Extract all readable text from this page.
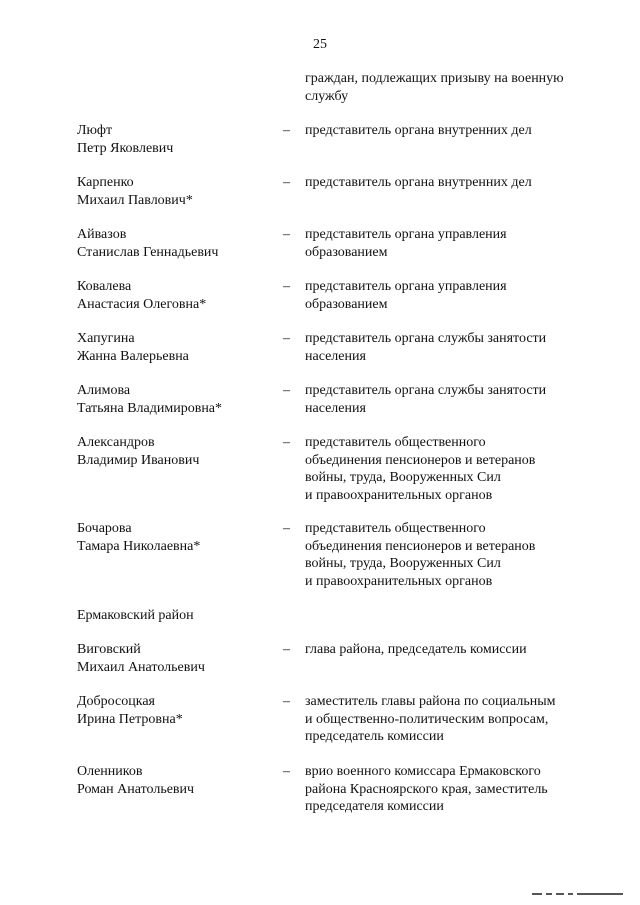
25
граждан, подлежащих призыву на военную
службу
Люфт
Петр Яковлевич
– представитель органа внутренних дел
Карпенко
Михаил Павлович*
– представитель органа внутренних дел
Айвазов
Станислав Геннадьевич
– представитель органа управления
образованием
Ковалева
Анастасия Олеговна*
– представитель органа управления
образованием
Хапугина
Жанна Валерьевна
– представитель органа службы занятости
населения
Алимова
Татьяна Владимировна*
– представитель органа службы занятости
населения
Александров
Владимир Иванович
– представитель общественного
объединения пенсионеров и ветеранов
войны, труда, Вооруженных Сил
и правоохранительных органов
Бочарова
Тамара Николаевна*
– представитель общественного
объединения пенсионеров и ветеранов
войны, труда, Вооруженных Сил
и правоохранительных органов
Ермаковский район
Виговский
Михаил Анатольевич
– глава района, председатель комиссии
Добросоцкая
Ирина Петровна*
– заместитель главы района по социальным
и общественно-политическим вопросам,
председатель комиссии
Оленников
Роман Анатольевич
– врио военного комиссара Ермаковского
района Красноярского края, заместитель
председателя комиссии
